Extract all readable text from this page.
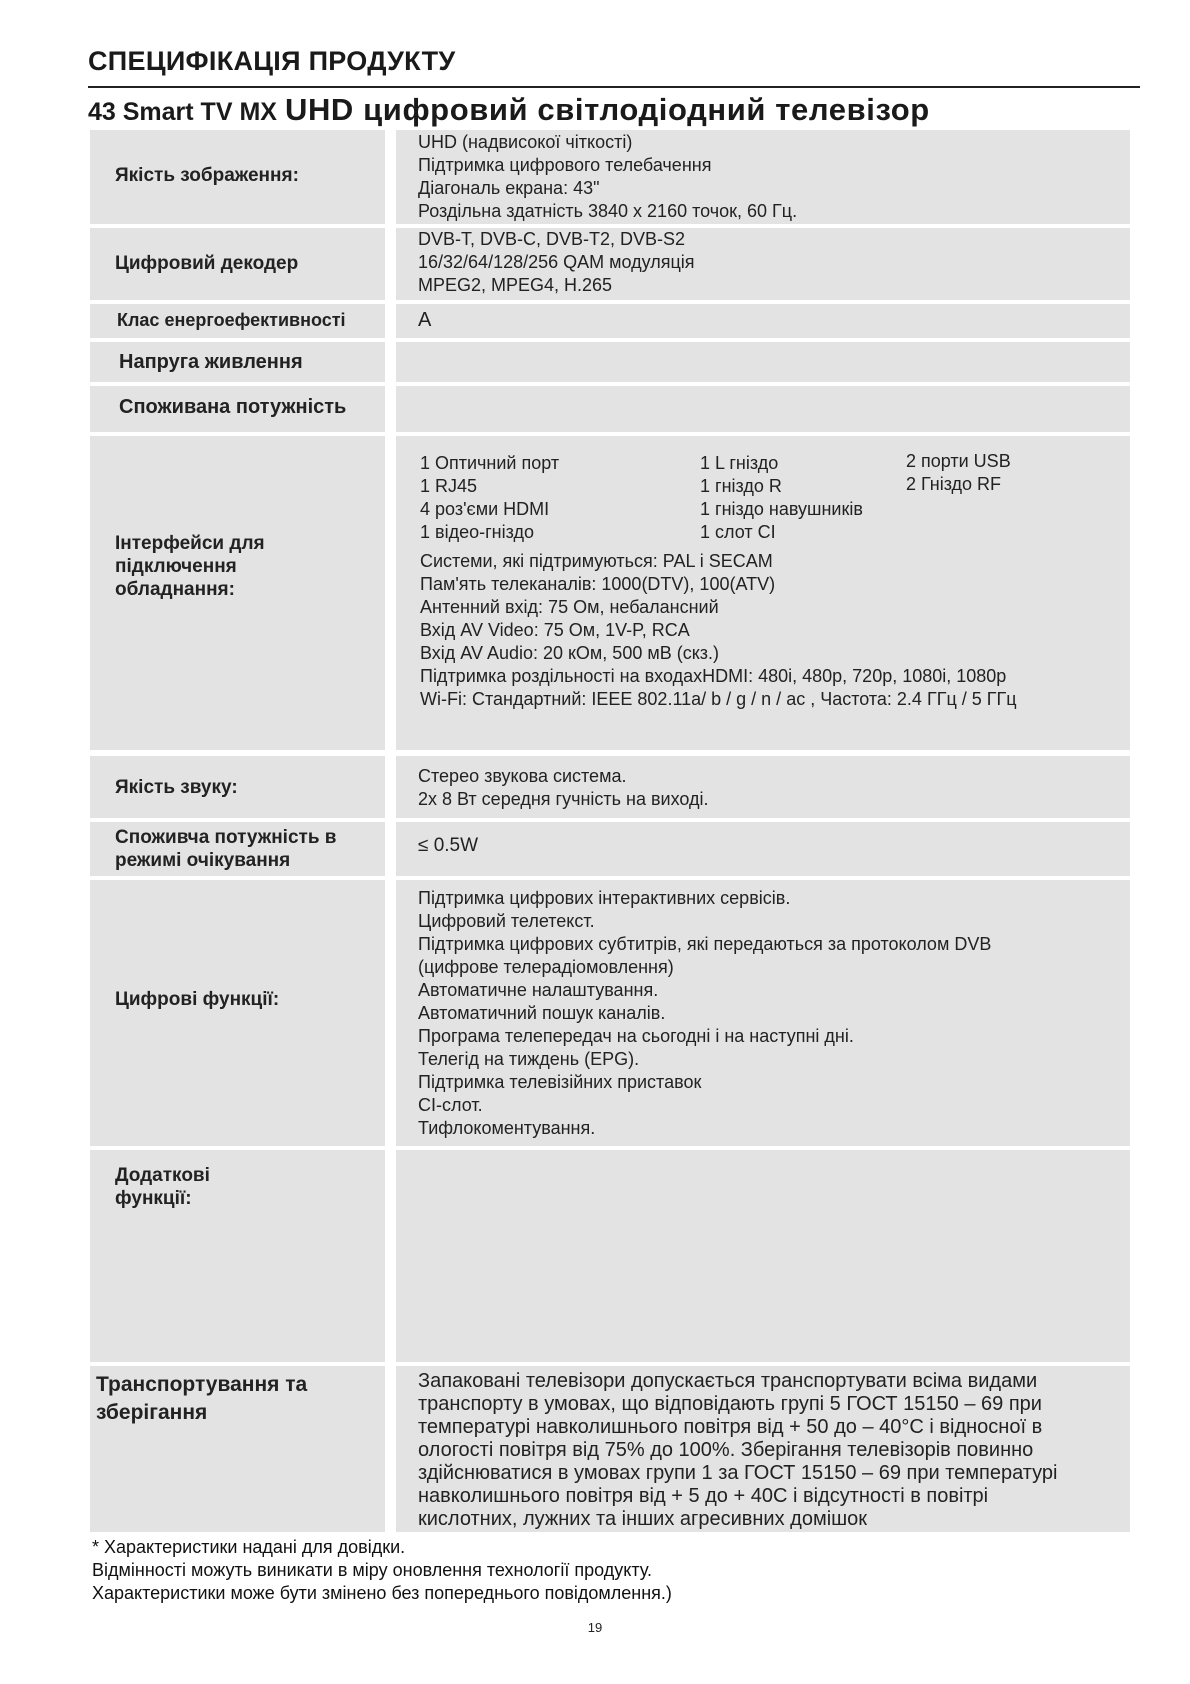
СПЕЦИФІКАЦІЯ ПРОДУКТУ
43 Smart TV MX UHD цифровий світлодіодний телевізор
Якість зображення:
UHD (надвисокої чіткості)
Підтримка цифрового телебачення
Діагональ екрана: 43"
Роздільна здатність 3840 х 2160 точок, 60 Гц.
Цифровий декодер
DVB-T, DVB-C, DVB-T2, DVB-S2
16/32/64/128/256 QAM модуляція
MPEG2, MPEG4, H.265
Клас енергоефективності	A
Напруга живлення
Споживана потужність
Інтерфейси для
підключення
обладнання:
1 Оптичний порт
1 RJ45
4 роз'єми HDMI
1 відео-гніздо
1 L гніздо
1 гніздо R
1 гніздо навушників
1 слот CI
2 порти USB
2 Гніздо RF
Системи, які підтримуються: PAL і SECAM
Пам'ять телеканалів: 1000(DTV), 100(ATV)
Антенний вхід: 75 Ом, небалансний
Вхід AV Video: 75 Ом, 1V-P, RCA
Вхід AV Audio: 20 кОм, 500 мВ (скз.)
Підтримка роздільності на входахHDMI: 480i, 480p, 720p, 1080i, 1080p
Wi-Fi: Стандартний: IEEE 802.11a/ b / g / n / ac , Частота: 2.4 ГГц / 5 ГГц
Якість звуку:
Стерео звукова система.
2х 8 Вт середня гучність на виході.
Споживча потужність в
режимі очікування
≤ 0.5W
Цифрові функції:
Підтримка цифрових інтерактивних сервісів.
Цифровий телетекст.
Підтримка цифрових субтитрів, які передаються за протоколом DVB
(цифрове телерадіомовлення)
Автоматичне налаштування.
Автоматичний пошук каналів.
Програма телепередач на сьогодні і на наступні дні.
Телегід на тиждень (EPG).
Підтримка телевізійних приставок
CI-слот.
Тифлокоментування.
Додаткові
функції:
Транспортування та
зберігання
Запаковані телевізори допускається транспортувати всіма видами
транспорту в умовах, що відповідають групі 5 ГОСТ 15150 – 69 при
температурі навколишнього повітря від + 50 до – 40°C і відносної в
ологості повітря від 75% до 100%. Зберігання телевізорів повинно
здійснюватися в умовах групи 1 за ГОСТ 15150 – 69 при температурі
навколишнього повітря від + 5 до + 40С і відсутності в повітрі
кислотних, лужних та інших агресивних домішок
* Характеристики надані для довідки.
Відмінності можуть виникати в міру оновлення технології продукту.
Характеристики може бути змінено без попереднього повідомлення.)
19
